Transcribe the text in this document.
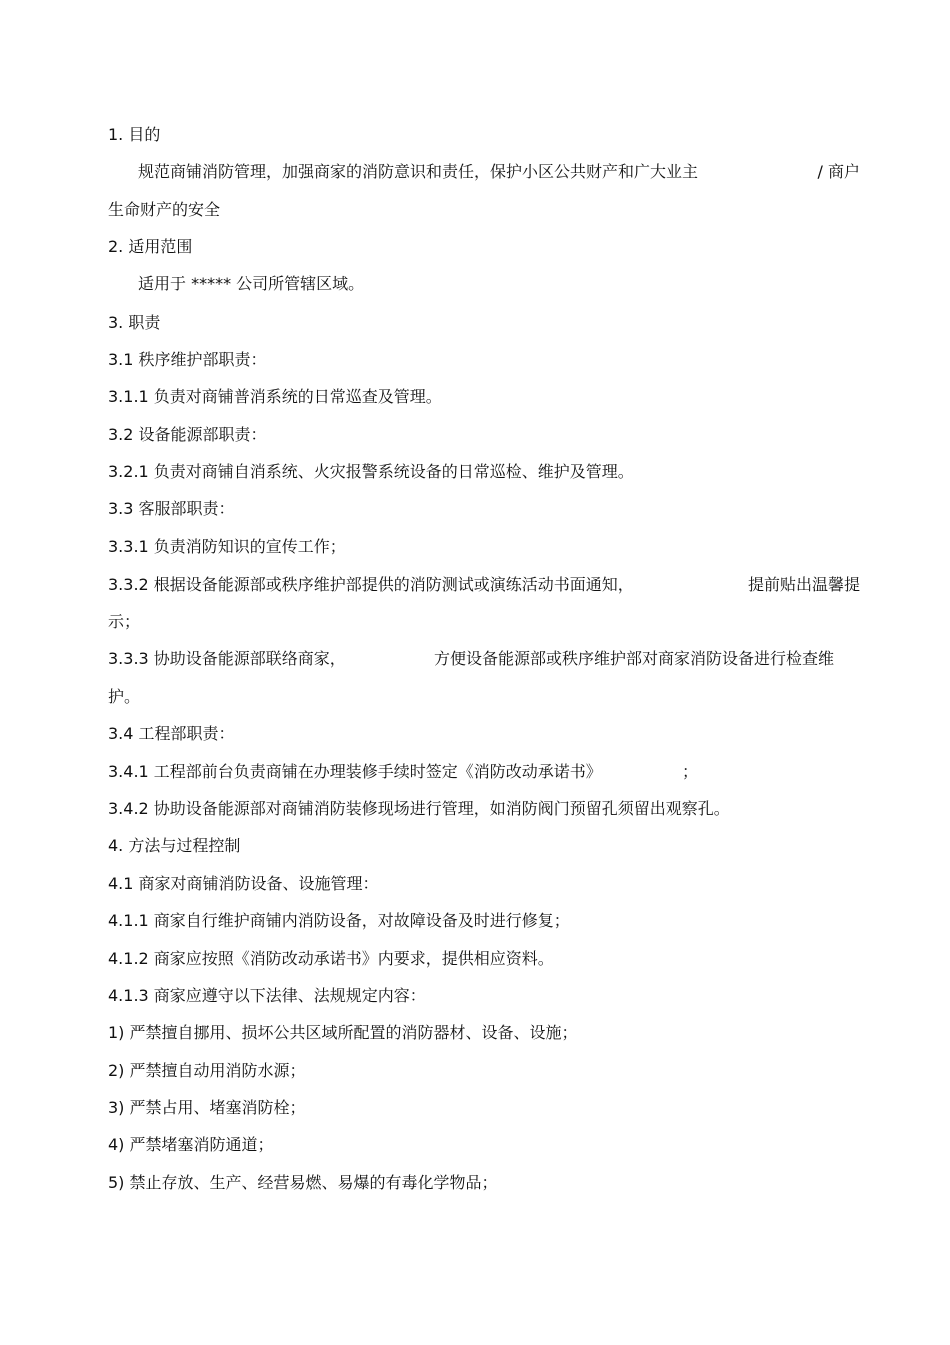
1. 目的
规范商铺消防管理，加强商家的消防意识和责任，保护小区公共财产和广大业主	/ 商户
生命财产的安全
2. 适用范围
适用于 ***** 公司所管辖区域。
3. 职责
3.1 秩序维护部职责：
3.1.1 负责对商铺普消系统的日常巡查及管理。
3.2 设备能源部职责：
3.2.1 负责对商铺自消系统、火灾报警系统设备的日常巡检、维护及管理。
3.3 客服部职责：
3.3.1 负责消防知识的宣传工作；
3.3.2 根据设备能源部或秩序维护部提供的消防测试或演练活动书面通知，	提前贴出温馨提
示；
3.3.3 协助设备能源部联络商家，	方便设备能源部或秩序维护部对商家消防设备进行检查维
护。
3.4 工程部职责：
3.4.1 工程部前台负责商铺在办理装修手续时签定《消防改动承诺书》	；
3.4.2 协助设备能源部对商铺消防装修现场进行管理，如消防阀门预留孔须留出观察孔。
4. 方法与过程控制
4.1 商家对商铺消防设备、设施管理：
4.1.1 商家自行维护商铺内消防设备，对故障设备及时进行修复；
4.1.2 商家应按照《消防改动承诺书》内要求，提供相应资料。
4.1.3 商家应遵守以下法律、法规规定内容：
1) 严禁擅自挪用、损坏公共区域所配置的消防器材、设备、设施；
2) 严禁擅自动用消防水源；
3) 严禁占用、堵塞消防栓；
4) 严禁堵塞消防通道；
5) 禁止存放、生产、经营易燃、易爆的有毒化学物品；
